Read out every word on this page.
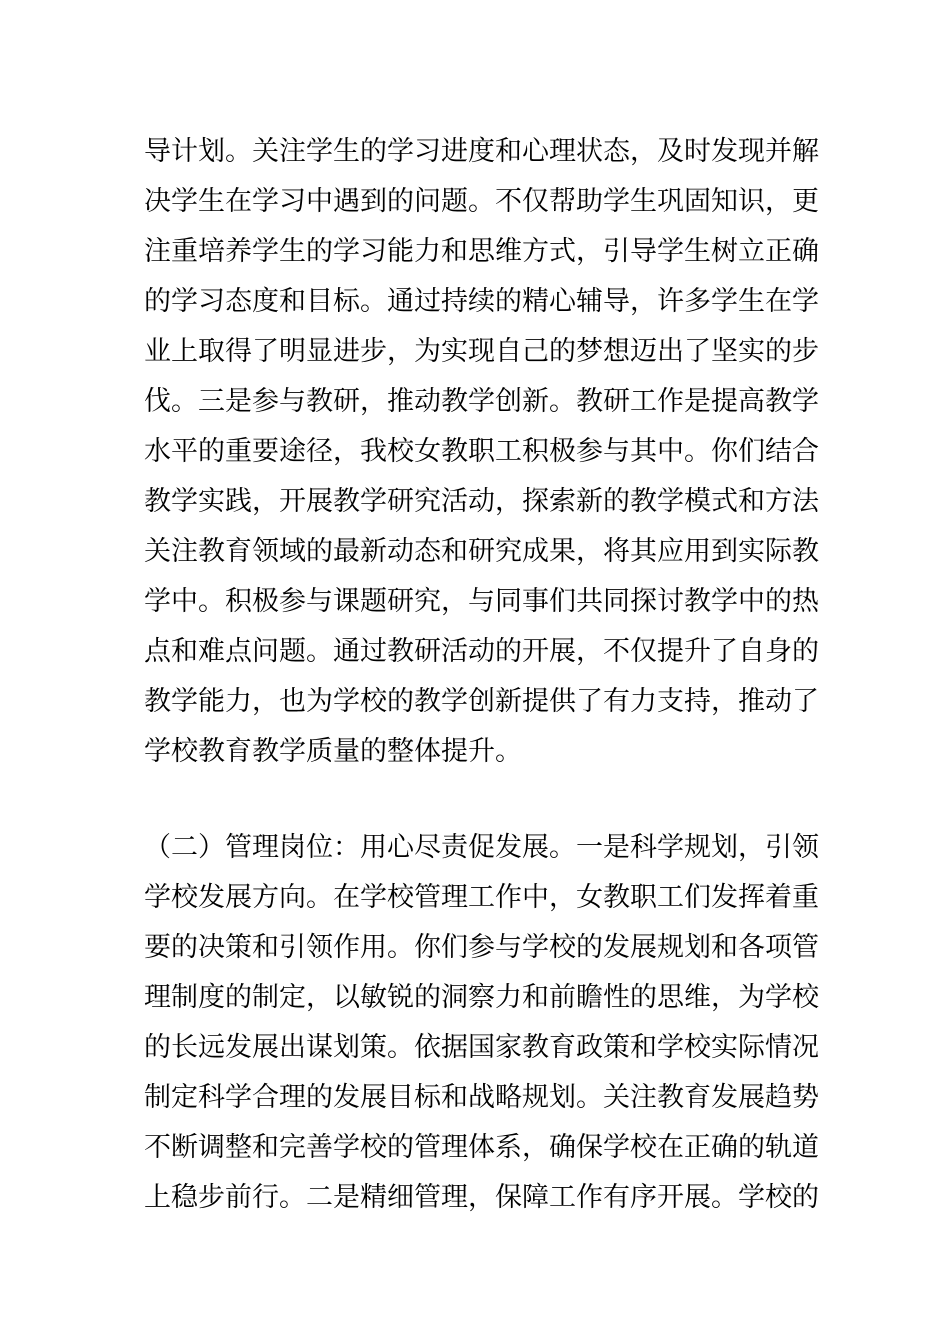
导计划。关注学生的学习进度和心理状态，及时发现并解
决学生在学习中遇到的问题。不仅帮助学生巩固知识，更
注重培养学生的学习能力和思维方式，引导学生树立正确
的学习态度和目标。通过持续的精心辅导，许多学生在学
业上取得了明显进步，为实现自己的梦想迈出了坚实的步
伐。三是参与教研，推动教学创新。教研工作是提高教学
水平的重要途径，我校女教职工积极参与其中。你们结合
教学实践，开展教学研究活动，探索新的教学模式和方法
关注教育领域的最新动态和研究成果，将其应用到实际教
学中。积极参与课题研究，与同事们共同探讨教学中的热
点和难点问题。通过教研活动的开展，不仅提升了自身的
教学能力，也为学校的教学创新提供了有力支持，推动了
学校教育教学质量的整体提升。
（二）管理岗位：用心尽责促发展。一是科学规划，引领
学校发展方向。在学校管理工作中，女教职工们发挥着重
要的决策和引领作用。你们参与学校的发展规划和各项管
理制度的制定，以敏锐的洞察力和前瞻性的思维，为学校
的长远发展出谋划策。依据国家教育政策和学校实际情况
制定科学合理的发展目标和战略规划。关注教育发展趋势
不断调整和完善学校的管理体系，确保学校在正确的轨道
上稳步前行。二是精细管理，保障工作有序开展。学校的
